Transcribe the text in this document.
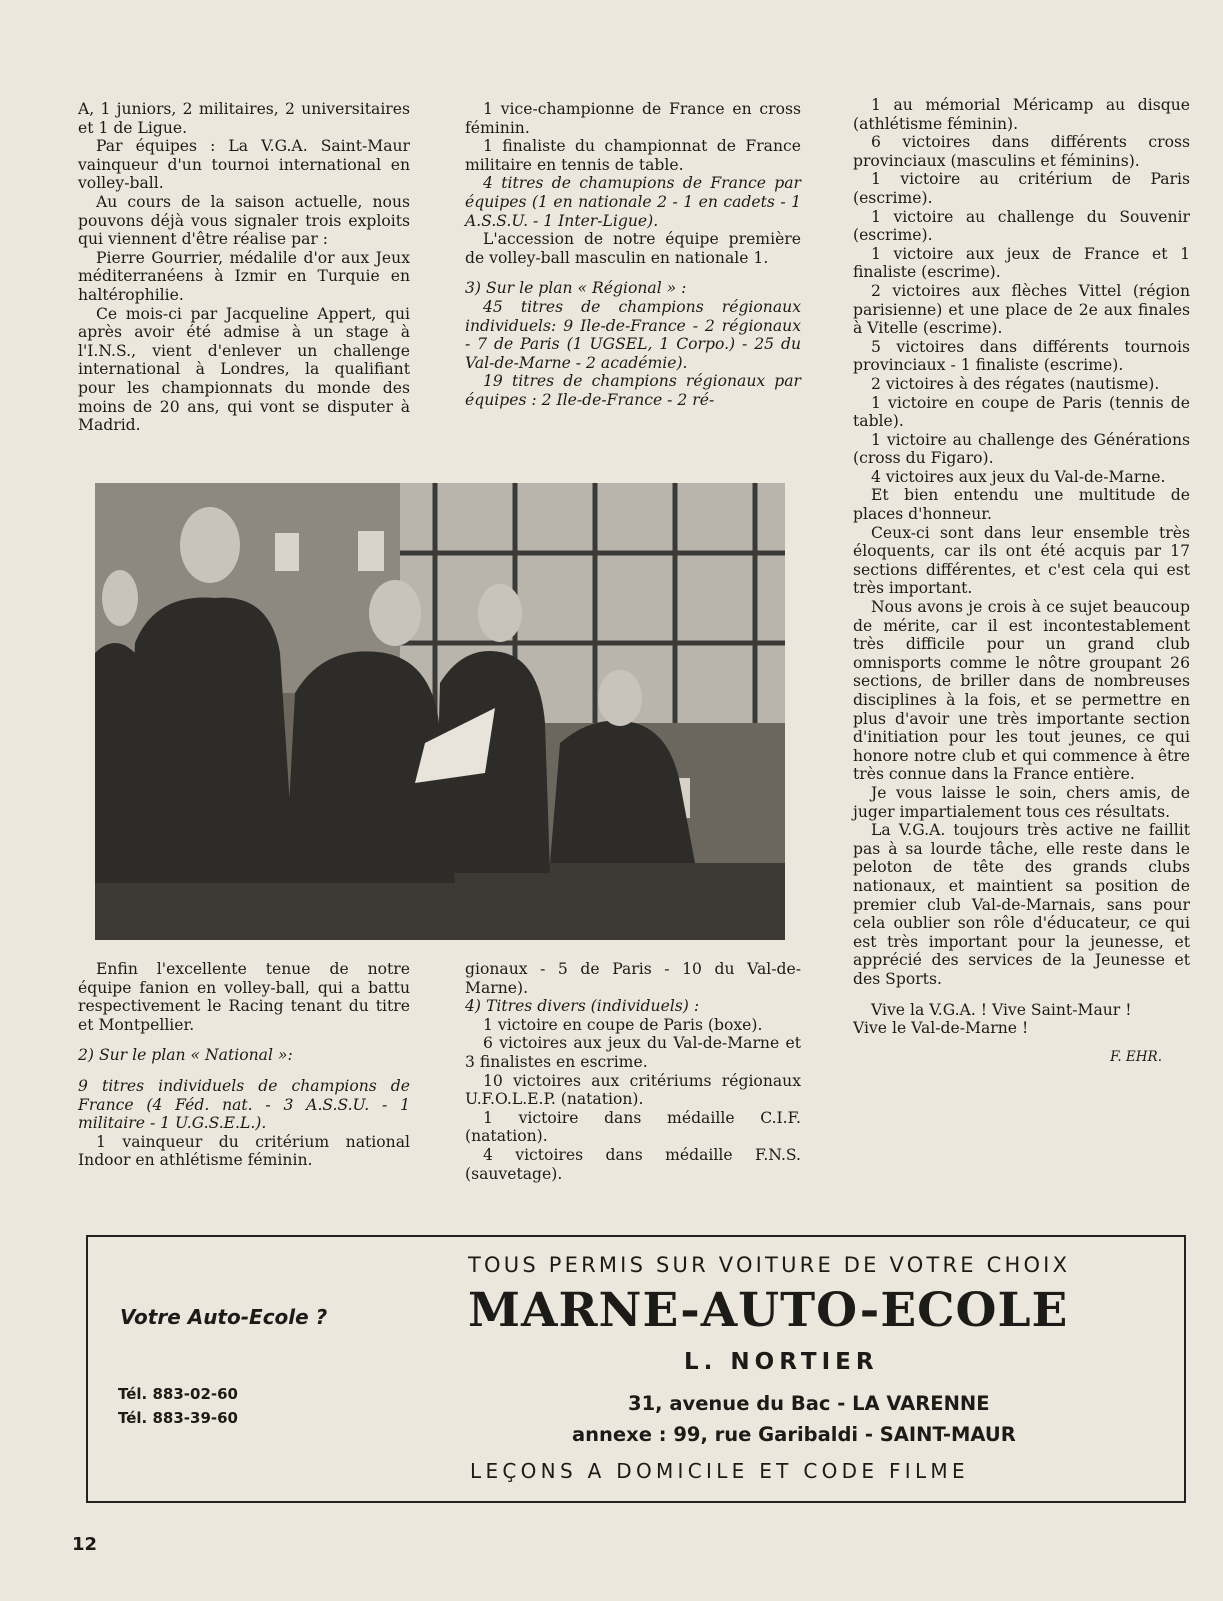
A, 1 juniors, 2 militaires, 2 universitaires et 1 de Ligue.

Par équipes : La V.G.A. Saint-Maur vainqueur d'un tournoi international en volley-ball.

Au cours de la saison actuelle, nous pouvons déjà vous signaler trois exploits qui viennent d'être réalise par :

Pierre Gourrier, médalile d'or aux Jeux méditerranéens à Izmir en Turquie en haltérophilie.

Ce mois-ci par Jacqueline Appert, qui après avoir été admise à un stage à l'I.N.S., vient d'enlever un challenge international à Londres, la qualifiant pour les championnats du monde des moins de 20 ans, qui vont se disputer à Madrid.

1 vice-championne de France en cross féminin.

1 finaliste du championnat de France militaire en tennis de table.

4 titres de chamupions de France par équipes (1 en nationale 2 - 1 en cadets - 1 A.S.S.U. - 1 Inter-Ligue).

L'accession de notre équipe première de volley-ball masculin en nationale 1.

3) Sur le plan « Régional » :

45 titres de champions régionaux individuels: 9 Ile-de-France - 2 régionaux - 7 de Paris (1 UGSEL, 1 Corpo.) - 25 du Val-de-Marne - 2 académie).

19 titres de champions régionaux par équipes : 2 Ile-de-France - 2 ré-

1 au mémorial Méricamp au disque (athlétisme féminin).

6 victoires dans différents cross provinciaux (masculins et féminins).

1 victoire au critérium de Paris (escrime).

1 victoire au challenge du Souvenir (escrime).

1 victoire aux jeux de France et 1 finaliste (escrime).

2 victoires aux flèches Vittel (région parisienne) et une place de 2e aux finales à Vitelle (escrime).

5 victoires dans différents tournois provinciaux - 1 finaliste (escrime).

2 victoires à des régates (nautisme).

1 victoire en coupe de Paris (tennis de table).

1 victoire au challenge des Générations (cross du Figaro).

4 victoires aux jeux du Val-de-Marne.

Et bien entendu une multitude de places d'honneur.

Ceux-ci sont dans leur ensemble très éloquents, car ils ont été acquis par 17 sections différentes, et c'est cela qui est très important.

Nous avons je crois à ce sujet beaucoup de mérite, car il est incontestablement très difficile pour un grand club omnisports comme le nôtre groupant 26 sections, de briller dans de nombreuses disciplines à la fois, et se permettre en plus d'avoir une très importante section d'initiation pour les tout jeunes, ce qui honore notre club et qui commence à être très connue dans la France entière.

Je vous laisse le soin, chers amis, de juger impartialement tous ces résultats.

La V.G.A. toujours très active ne faillit pas à sa lourde tâche, elle reste dans le peloton de tête des grands clubs nationaux, et maintient sa position de premier club Val-de-Marnais, sans pour cela oublier son rôle d'éducateur, ce qui est très important pour la jeunesse, et apprécié des services de la Jeunesse et des Sports.

Vive la V.G.A. ! Vive Saint-Maur !

Vive le Val-de-Marne !

F. EHR.

Enfin l'excellente tenue de notre équipe fanion en volley-ball, qui a battu respectivement le Racing tenant du titre et Montpellier.

2) Sur le plan « National »:

9 titres individuels de champions de France (4 Féd. nat. - 3 A.S.S.U. - 1 militaire - 1 U.G.S.E.L.).

1 vainqueur du critérium national Indoor en athlétisme féminin.

gionaux - 5 de Paris - 10 du Val-de-Marne).

4) Titres divers (individuels) :

1 victoire en coupe de Paris (boxe).

6 victoires aux jeux du Val-de-Marne et 3 finalistes en escrime.

10 victoires aux critériums régionaux U.F.O.L.E.P. (natation).

1 victoire dans médaille C.I.F. (natation).

4 victoires dans médaille F.N.S. (sauvetage).

Votre Auto-Ecole ?
Tél. 883-02-60
Tél. 883-39-60
TOUS PERMIS SUR VOITURE DE VOTRE CHOIX
MARNE-AUTO-ECOLE
L. NORTIER
31, avenue du Bac - LA VARENNE
annexe : 99, rue Garibaldi - SAINT-MAUR
LEÇONS A DOMICILE ET CODE FILME
12
